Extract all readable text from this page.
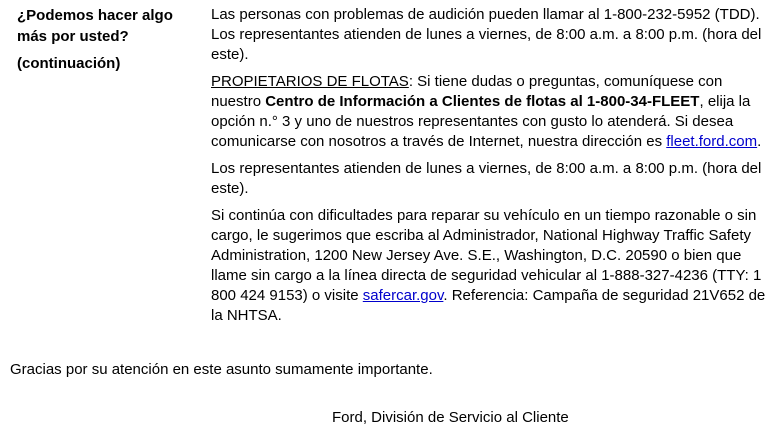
¿Podemos hacer algo más por usted?
(continuación)

Las personas con problemas de audición pueden llamar al 1-800-232-5952 (TDD). Los representantes atienden de lunes a viernes, de 8:00 a.m. a 8:00 p.m. (hora del este).

PROPIETARIOS DE FLOTAS: Si tiene dudas o preguntas, comuníquese con nuestro Centro de Información a Clientes de flotas al 1-800-34-FLEET, elija la opción n.° 3 y uno de nuestros representantes con gusto lo atenderá. Si desea comunicarse con nosotros a través de Internet, nuestra dirección es fleet.ford.com.

Los representantes atienden de lunes a viernes, de 8:00 a.m. a 8:00 p.m. (hora del este).

Si continúa con dificultades para reparar su vehículo en un tiempo razonable o sin cargo, le sugerimos que escriba al Administrador, National Highway Traffic Safety Administration, 1200 New Jersey Ave. S.E., Washington, D.C. 20590 o bien que llame sin cargo a la línea directa de seguridad vehicular al 1-888-327-4236 (TTY: 1 800 424 9153) o visite safercar.gov. Referencia: Campaña de seguridad 21V652 de la NHTSA.

Gracias por su atención en este asunto sumamente importante.
Ford, División de Servicio al Cliente
